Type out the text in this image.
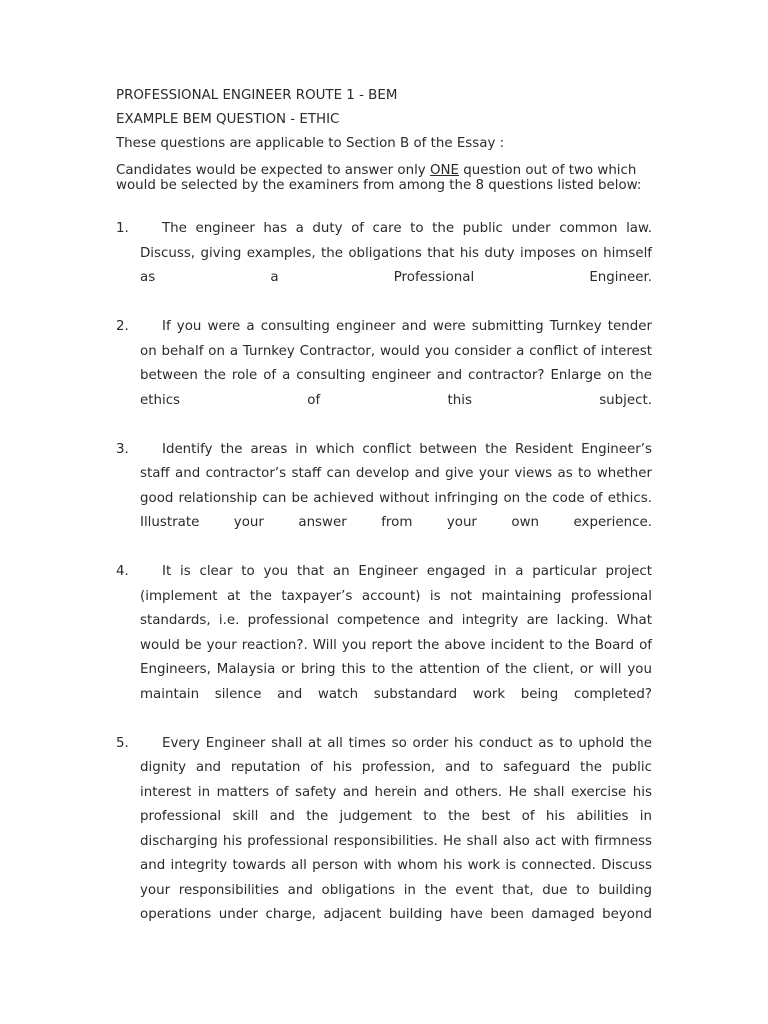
PROFESSIONAL ENGINEER ROUTE 1 - BEM

EXAMPLE BEM QUESTION - ETHIC

These questions are applicable to Section B of the Essay :

Candidates would be expected to answer only ONE question out of two which would be selected by the examiners from among the 8 questions listed below:

1.	The engineer has a duty of care to the public under common law. Discuss, giving examples, the obligations that his duty imposes on himself as a Professional Engineer.

2.	If you were a consulting engineer and were submitting Turnkey tender on behalf on a Turnkey Contractor, would you consider a conflict of interest between the role of a consulting engineer and contractor? Enlarge on the ethics of this subject.

3.	Identify the areas in which conflict between the Resident Engineer’s staff and contractor’s staff can develop and give your views as to whether good relationship can be achieved without infringing on the code of ethics. Illustrate your answer from your own experience.

4.	It is clear to you that an Engineer engaged in a particular project (implement at the taxpayer’s account) is not maintaining professional standards, i.e. professional competence and integrity are lacking. What would be your reaction?. Will you report the above incident to the Board of Engineers, Malaysia or bring this to the attention of the client, or will you maintain silence and watch substandard work being completed?

5.	Every Engineer shall at all times so order his conduct as to uphold the dignity and reputation of his profession, and to safeguard the public interest in matters of safety and herein and others. He shall exercise his professional skill and the judgement to the best of his abilities in discharging his professional responsibilities. He shall also act with firmness and integrity towards all person with whom his work is connected. Discuss your responsibilities and obligations in the event that, due to building operations under charge, adjacent building have been damaged beyond
